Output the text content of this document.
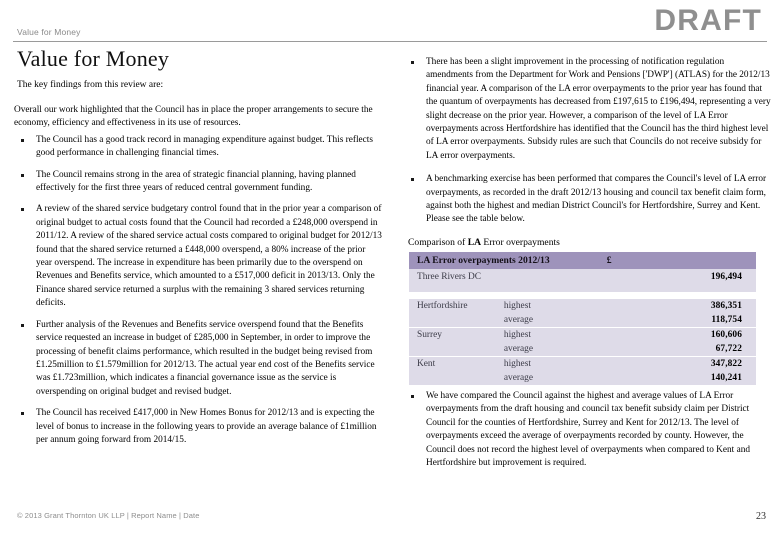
Value for Money	DRAFT
Value for Money
The key findings from this review are:

Overall our work highlighted that the Council has in place the proper arrangements to secure the economy, efficiency and effectiveness in its use of resources.

The Council has a good track record in managing expenditure against budget. This reflects good performance in challenging financial times.
The Council remains strong in the area of strategic financial planning, having planned effectively for the first three years of reduced central government funding.
A review of the shared service budgetary control found that in the prior year a comparison of original budget to actual costs found that the Council had recorded a £248,000 overspend in 2011/12. A review of the shared service actual costs compared to original budget for 2012/13 found that the shared service returned a £448,000 overspend, a 80% increase of the prior year overspend. The increase in expenditure has been primarily due to the overspend on Revenues and Benefits service, which amounted to a £517,000 deficit in 2013/13. Only the Finance shared service returned a surplus with the remaining 3 shared services returning deficits.
Further analysis of the Revenues and Benefits service overspend found that the Benefits service requested an increase in budget of £285,000 in September, in order to improve the processing of benefit claims performance, which resulted in the budget being revised from £1.25million to £1.579million for 2012/13. The actual year end cost of the Benefits service was £1.723million, which indicates a financial governance issue as the service is overspending on original budget and revised budget.
The Council has received £417,000 in New Homes Bonus for 2012/13 and is expecting the level of bonus to increase in the following years to provide an average balance of £1million per annum going forward from 2014/15.
There has been a slight improvement in the processing of notification regulation amendments from the Department for Work and Pensions ['DWP'] (ATLAS) for the 2012/13 financial year. A comparison of the LA error overpayments to the prior year has found that the quantum of overpayments has decreased from £197,615 to £196,494, representing a very slight decrease on the prior year. However, a comparison of the level of LA Error overpayments across Hertfordshire has identified that the Council has the third highest level of LA error overpayments. Subsidy rules are such that Councils do not receive subsidy for LA error overpayments.
A benchmarking exercise has been performed that compares the Council's level of LA error overpayments, as recorded in the draft 2012/13 housing and council tax benefit claim form, against both the highest and median District Council's for Hertfordshire, Surrey and Kent. Please see the table below.
Comparison of LA Error overpayments
LA Error overpayments 2012/13		£
Three Rivers DC		196,494

Hertfordshire	highest	386,351
	average	118,754

Surrey	highest	160,606
	average	67,722

Kent	highest	347,822
	average	140,241
We have compared the Council against the highest and average values of LA Error overpayments from the draft housing and council tax benefit subsidy claim per District Council for the counties of Hertfordshire, Surrey and Kent for 2012/13. The level of overpayments exceed the average of overpayments recorded by county. However, the Council does not record the highest level of overpayments when compared to Kent and Hertfordshire but improvement is required.
© 2013 Grant Thornton UK LLP | Report Name | Date	23
